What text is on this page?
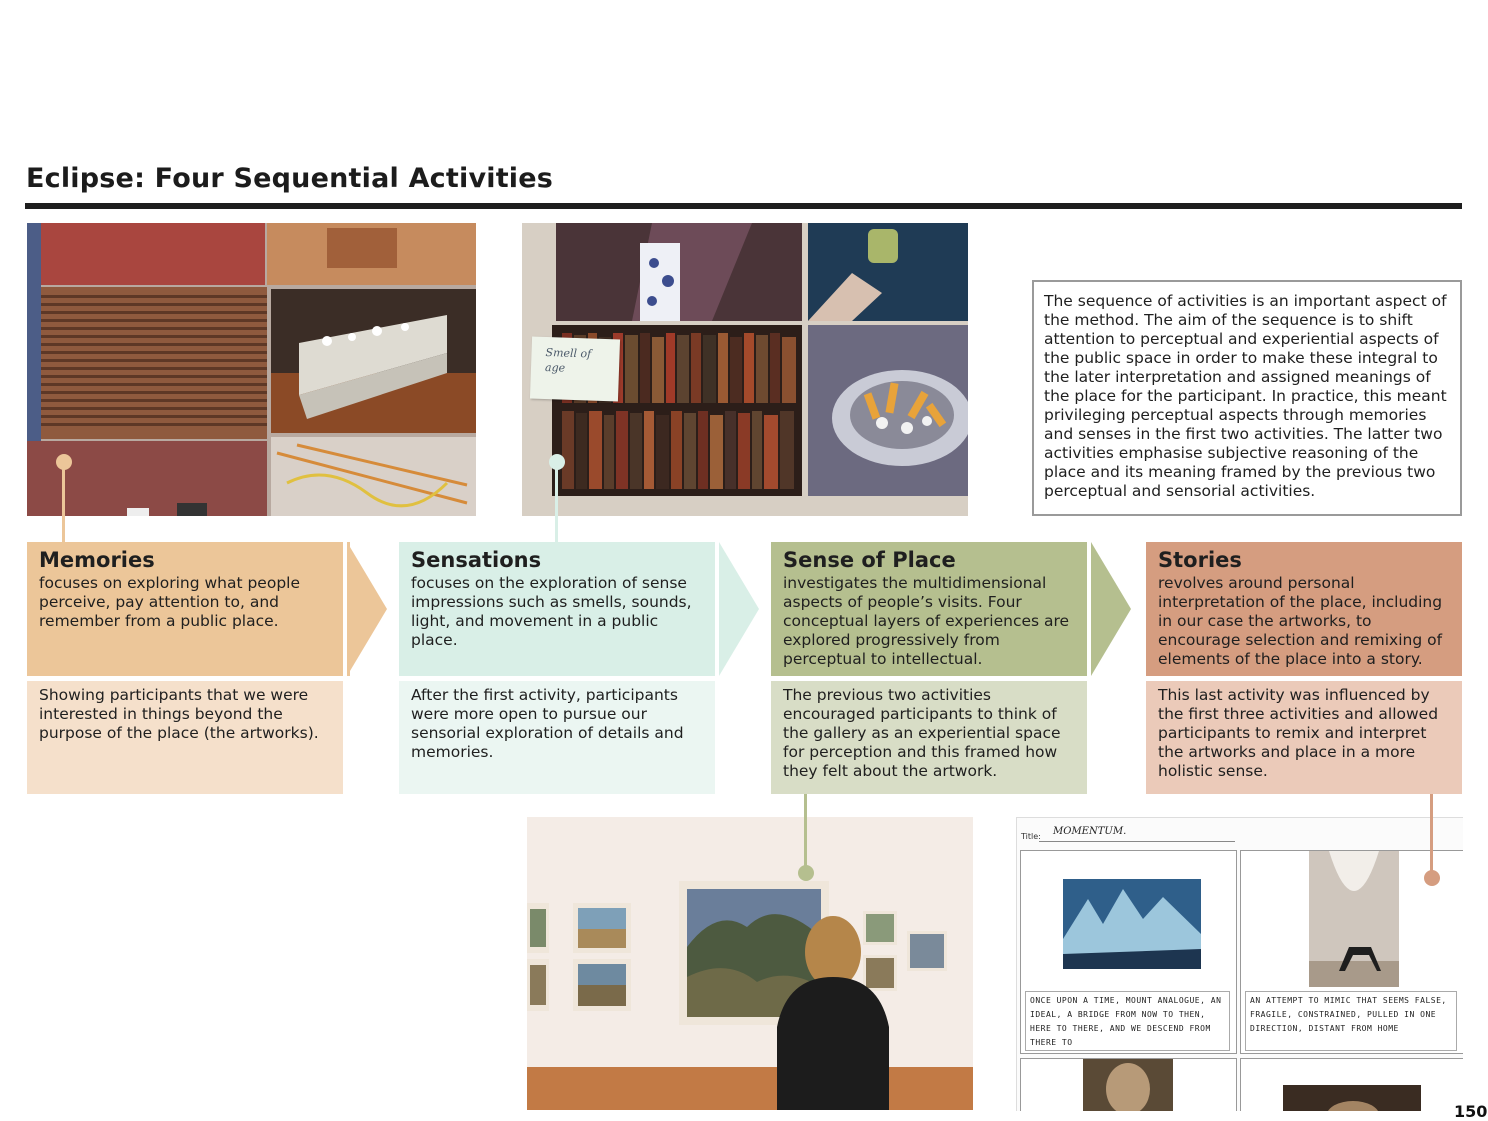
Eclipse: Four Sequential Activities
Smell of age

The sequence of activities is an important aspect of the method. The aim of the sequence is to shift attention to perceptual and experiential aspects of the public space in order to make these integral to the later interpretation and assigned meanings of the place for the participant. In practice, this meant privileging perceptual aspects through memories and senses in the first two activities. The latter two activities emphasise subjective reasoning of the place and its meaning framed by the previous two perceptual and sensorial activities.

Memories

focuses on exploring what people perceive, pay attention to, and remember from a public place.

Showing participants that we were interested in things beyond the purpose of the place (the artworks).

Sensations

focuses on the exploration of sense impressions such as smells, sounds, light, and movement in a public place.

After the first activity, participants were more open to pursue our sensorial exploration of details and memories.

Sense of Place

investigates the multidimensional aspects of people’s visits. Four conceptual layers of experiences are explored progressively from perceptual to intellectual.

The previous two activities encouraged participants to think of the gallery as an experiential space for perception and this framed how they felt about the artwork.

Stories

revolves around personal interpretation of the place, including in our case the artworks, to encourage selection and remixing of elements of the place into a story.

This last activity was influenced by the first three activities and allowed participants to remix and interpret the artworks and place in a more holistic sense.

Title: MOMENTUM.
ONCE UPON A TIME, MOUNT ANALOGUE, AN IDEAL, A BRIDGE FROM NOW TO THEN, HERE TO THERE, AND WE DESCEND FROM THERE TO
AN ATTEMPT TO MIMIC THAT SEEMS FALSE, FRAGILE, CONSTRAINED, PULLED IN ONE DIRECTION, DISTANT FROM HOME
150
